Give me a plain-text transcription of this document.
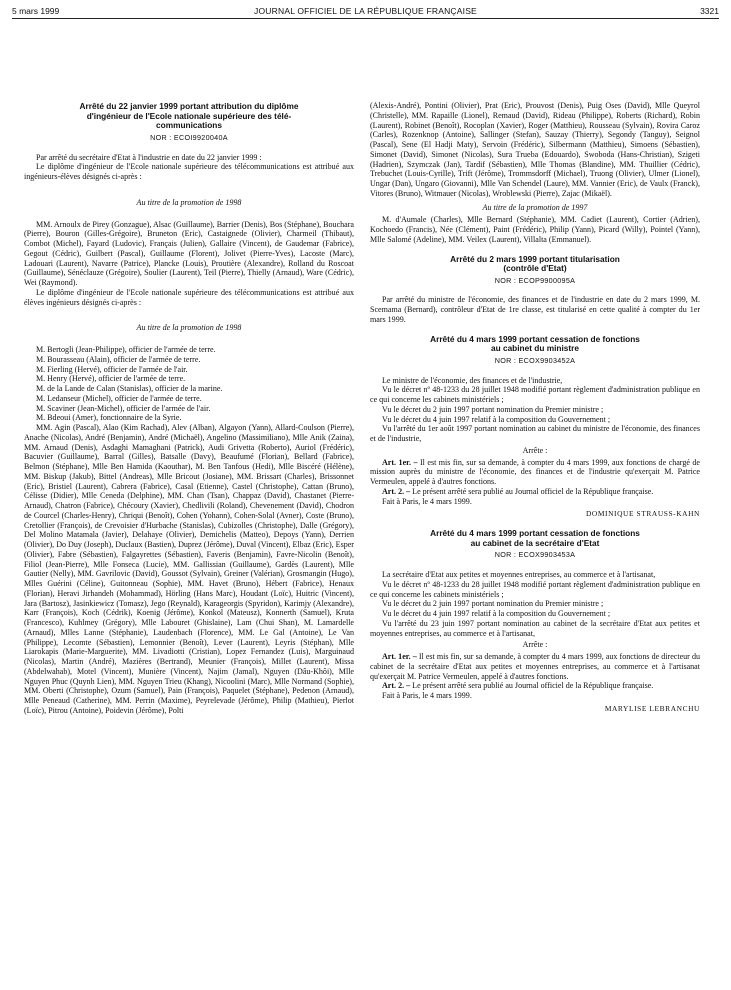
5 mars 1999	JOURNAL OFFICIEL DE LA RÉPUBLIQUE FRANÇAISE	3321
Arrêté du 22 janvier 1999 portant attribution du diplôme
d'ingénieur de l'Ecole nationale supérieure des télé-
communications
NOR : ECOI9920040A

Par arrêté du secrétaire d'Etat à l'industrie en date du 22 janvier 1999 :

Le diplôme d'ingénieur de l'Ecole nationale supérieure des télécommunications est attribué aux ingénieurs-élèves désignés ci-après :

Au titre de la promotion de 1998

MM. Arnoulx de Pirey (Gonzague), Alsac (Guillaume), Barrier (Denis), Bos (Stéphane), Bouchara (Pierre), Bouron (Gilles-Grégoire), Bruneton (Eric), Castaignede (Olivier), Charmeil (Thibaut), Combot (Michel), Fayard (Ludovic), Français (Julien), Gallaire (Vincent), de Gaudemar (Fabrice), Gegout (Cédric), Guilbert (Pascal), Guillaume (Florent), Jolivet (Pierre-Yves), Lacoste (Marc), Ladouari (Laurent), Navarre (Patrice), Plancke (Louis), Proutière (Alexandre), Rolland du Roscoat (Guillaume), Sénéclauze (Grégoire), Soulier (Laurent), Teil (Pierre), Thielly (Arnaud), Ware (Cédric), Wei (Raymond).

Le diplôme d'ingénieur de l'Ecole nationale supérieure des télécommunications est attribué aux élèves ingénieurs désignés ci-après :

Au titre de la promotion de 1998

M. Bertogli (Jean-Philippe), officier de l'armée de terre.

M. Bourasseau (Alain), officier de l'armée de terre.

M. Fierling (Hervé), officier de l'armée de l'air.

M. Henry (Hervé), officier de l'armée de terre.

M. de la Lande de Calan (Stanislas), officier de la marine.

M. Ledanseur (Michel), officier de l'armée de terre.

M. Scaviner (Jean-Michel), officier de l'armée de l'air.

M. Bdeoui (Amer), fonctionnaire de la Syrie.

MM. Agin (Pascal), Alao (Kim Rachad), Alev (Alban), Algayon (Yann), Allard-Coulson (Pierre), Anache (Nicolas), André (Benjamin), André (Michaël), Angelino (Massimiliano), Mlle Anik (Zaina), MM. Arnaud (Denis), Asdaghi Mamaghani (Patrick), Audi Grivetta (Roberto), Auriol (Frédéric), Bacuvier (Guillaume), Barral (Gilles), Batsalle (Davy), Beaufumé (Florian), Bellard (Fabrice), Belmon (Stéphane), Mlle Ben Hamida (Kaouthar), M. Ben Tanfous (Hedi), Mlle Biscéré (Hélène), MM. Biskup (Jakub), Bittel (Andreas), Mlle Bricout (Josiane), MM. Brissart (Charles), Brissonnet (Eric), Bristiel (Laurent), Cabrera (Fabrice), Casal (Etienne), Castel (Christophe), Cattan (Bruno), Célisse (Didier), Mlle Ceneda (Delphine), MM. Chan (Tsan), Chappaz (David), Chastanet (Pierre-Arnaud), Chatron (Fabrice), Chécoury (Xavier), Chedlivili (Roland), Chevenement (David), Chodron de Courcel (Charles-Henry), Chriqui (Benoît), Cohen (Yohann), Cohen-Solal (Avner), Coste (Bruno), Cretollier (François), de Crevoisier d'Hurbache (Stanislas), Cubizolles (Christophe), Dalle (Grégory), Del Molino Matamala (Javier), Delahaye (Olivier), Demichelis (Matteo), Depoys (Yann), Derrien (Olivier), Do Duy (Joseph), Duclaux (Bastien), Duprez (Jérôme), Duval (Vincent), Elbaz (Eric), Esper (Olivier), Fabre (Sébastien), Falgayrettes (Sébastien), Faveris (Benjamin), Favre-Nicolin (Benoît), Filiol (Jean-Pierre), Mlle Fonseca (Lucie), MM. Gallissian (Guillaume), Gardès (Laurent), Mlle Gautier (Nelly), MM. Gavrilovic (David), Goussot (Sylvain), Greiner (Valérian), Grosmangin (Hugo), Mlles Guérini (Céline), Guitonneau (Sophie), MM. Havet (Bruno), Hébert (Fabrice), Henaux (Florian), Heravi Jirhandeh (Mohammad), Hörling (Hans Marc), Houdant (Loïc), Huitric (Vincent), Jara (Bartosz), Jasinkiewicz (Tomasz), Jego (Reynald), Karagеorgis (Spyridon), Karimjy (Alexandre), Karr (François), Koch (Cédrik), Koenig (Jérôme), Konkol (Mateusz), Konnerth (Samuel), Kruta (Francesco), Kuhlmey (Grégory), Mlle Labouret (Ghislaine), Lam (Chui Shan), M. Lamardelle (Arnaud), Mlles Lanne (Stéphanie), Laudenbach (Florence), MM. Le Gal (Antoine), Le Van (Philippe), Lecomte (Sébastien), Lemonnier (Benoît), Lever (Laurent), Leyris (Stéphan), Mlle Liarokapis (Marie-Marguerite), MM. Livadiotti (Cristian), Lopez Fernandez (Luis), Marguinaud (Nicolas), Martin (André), Mazières (Bertrand), Meunier (François), Millet (Laurent), Missa (Abdelwahab), Motel (Vincent), Munière (Vincent), Najim (Jamal), Nguyen (Dâu-Khôi), Mlle Nguyen Phuc (Quynh Lien), MM. Nguyen Trieu (Khang), Nicoolini (Marc), Mlle Normand (Sophie), MM. Oberti (Christophe), Ozum (Samuel), Pain (François), Paquelet (Stéphane), Pedenon (Arnaud), Mlle Peneaud (Catherine), MM. Perrin (Maxime), Peyrelevade (Jérôme), Philip (Mathieu), Pierlot (Loïc), Pitrou (Antoine), Poidevin (Jérôme), Polti

(Alexis-André), Pontini (Olivier), Prat (Eric), Prouvost (Denis), Puig Oses (David), Mlle Queyrol (Christelle), MM. Rapaille (Lionel), Remaud (David), Rideau (Philippe), Roberts (Richard), Robin (Laurent), Robinet (Benoît), Rocoplan (Xavier), Roger (Matthieu), Rousseau (Sylvain), Rovira Caroz (Carles), Rozenknop (Antoine), Sallinger (Stefan), Sauzay (Thierry), Segondy (Tanguy), Seignol (Pascal), Sene (El Hadji Maty), Servoin (Frédéric), Silbermann (Matthieu), Simoens (Sébastien), Simonet (David), Simonet (Nicolas), Sura Trueba (Edouardo), Swoboda (Hans-Christian), Szigeti (Hadrien), Szymczak (Jan), Tardif (Sébastien), Mlle Thomas (Blandine), MM. Thuillier (Cédric), Trebuchet (Louis-Cyrille), Trift (Jérôme), Trommsdorff (Michael), Truong (Olivier), Ulmer (Lionel), Ungar (Dan), Ungaro (Giovanni), Mlle Van Schendel (Laure), MM. Vannier (Eric), de Vaulx (Franck), Vitores (Bruno), Witmauer (Nicolas), Wroblewski (Pierre), Zajac (Mikaël).

Au titre de la promotion de 1997

M. d'Aumale (Charles), Mlle Bernard (Stéphanie), MM. Cadiet (Laurent), Cortier (Adrien), Kochoedo (Francis), Née (Clément), Paint (Frédéric), Philip (Yann), Picard (Willy), Pointel (Yann), Mlle Salomé (Adeline), MM. Veilex (Laurent), Villalta (Emmanuel).

Arrêté du 2 mars 1999 portant titularisation
(contrôle d'Etat)
NOR : ECOP9900095A

Par arrêté du ministre de l'économie, des finances et de l'industrie en date du 2 mars 1999, M. Scemama (Bernard), contrôleur d'Etat de 1re classe, est titularisé en cette qualité à compter du 1er mars 1999.

Arrêté du 4 mars 1999 portant cessation de fonctions
au cabinet du ministre
NOR : ECOX9903452A

Le ministre de l'économie, des finances et de l'industrie,

Vu le décret nº 48-1233 du 28 juillet 1948 modifié portant règlement d'administration publique en ce qui concerne les cabinets ministériels ;

Vu le décret du 2 juin 1997 portant nomination du Premier ministre ;

Vu le décret du 4 juin 1997 relatif à la composition du Gouvernement ;

Vu l'arrêté du 1er août 1997 portant nomination au cabinet du ministre de l'économie, des finances et de l'industrie,

Arrête :

Art. 1er. – Il est mis fin, sur sa demande, à compter du 4 mars 1999, aux fonctions de chargé de mission auprès du ministre de l'économie, des finances et de l'industrie qu'exerçait M. Patrice Vermeulen, appelé à d'autres fonctions.

Art. 2. – Le présent arrêté sera publié au Journal officiel de la République française.

Fait à Paris, le 4 mars 1999.

DOMINIQUE STRAUSS-KAHN

Arrêté du 4 mars 1999 portant cessation de fonctions
au cabinet de la secrétaire d'Etat
NOR : ECOX9903453A

La secrétaire d'Etat aux petites et moyennes entreprises, au commerce et à l'artisanat,

Vu le décret nº 48-1233 du 28 juillet 1948 modifié portant règlement d'administration publique en ce qui concerne les cabinets ministériels ;

Vu le décret du 2 juin 1997 portant nomination du Premier ministre ;

Vu le décret du 4 juin 1997 relatif à la composition du Gouvernement ;

Vu l'arrêté du 23 juin 1997 portant nomination au cabinet de la secrétaire d'Etat aux petites et moyennes entreprises, au commerce et à l'artisanat,

Arrête :

Art. 1er. – Il est mis fin, sur sa demande, à compter du 4 mars 1999, aux fonctions de directeur du cabinet de la secrétaire d'Etat aux petites et moyennes entreprises, au commerce et à l'artisanat qu'exerçait M. Patrice Vermeulen, appelé à d'autres fonctions.

Art. 2. – Le présent arrêté sera publié au Journal officiel de la République française.

Fait à Paris, le 4 mars 1999.

MARYLISE LEBRANCHU
